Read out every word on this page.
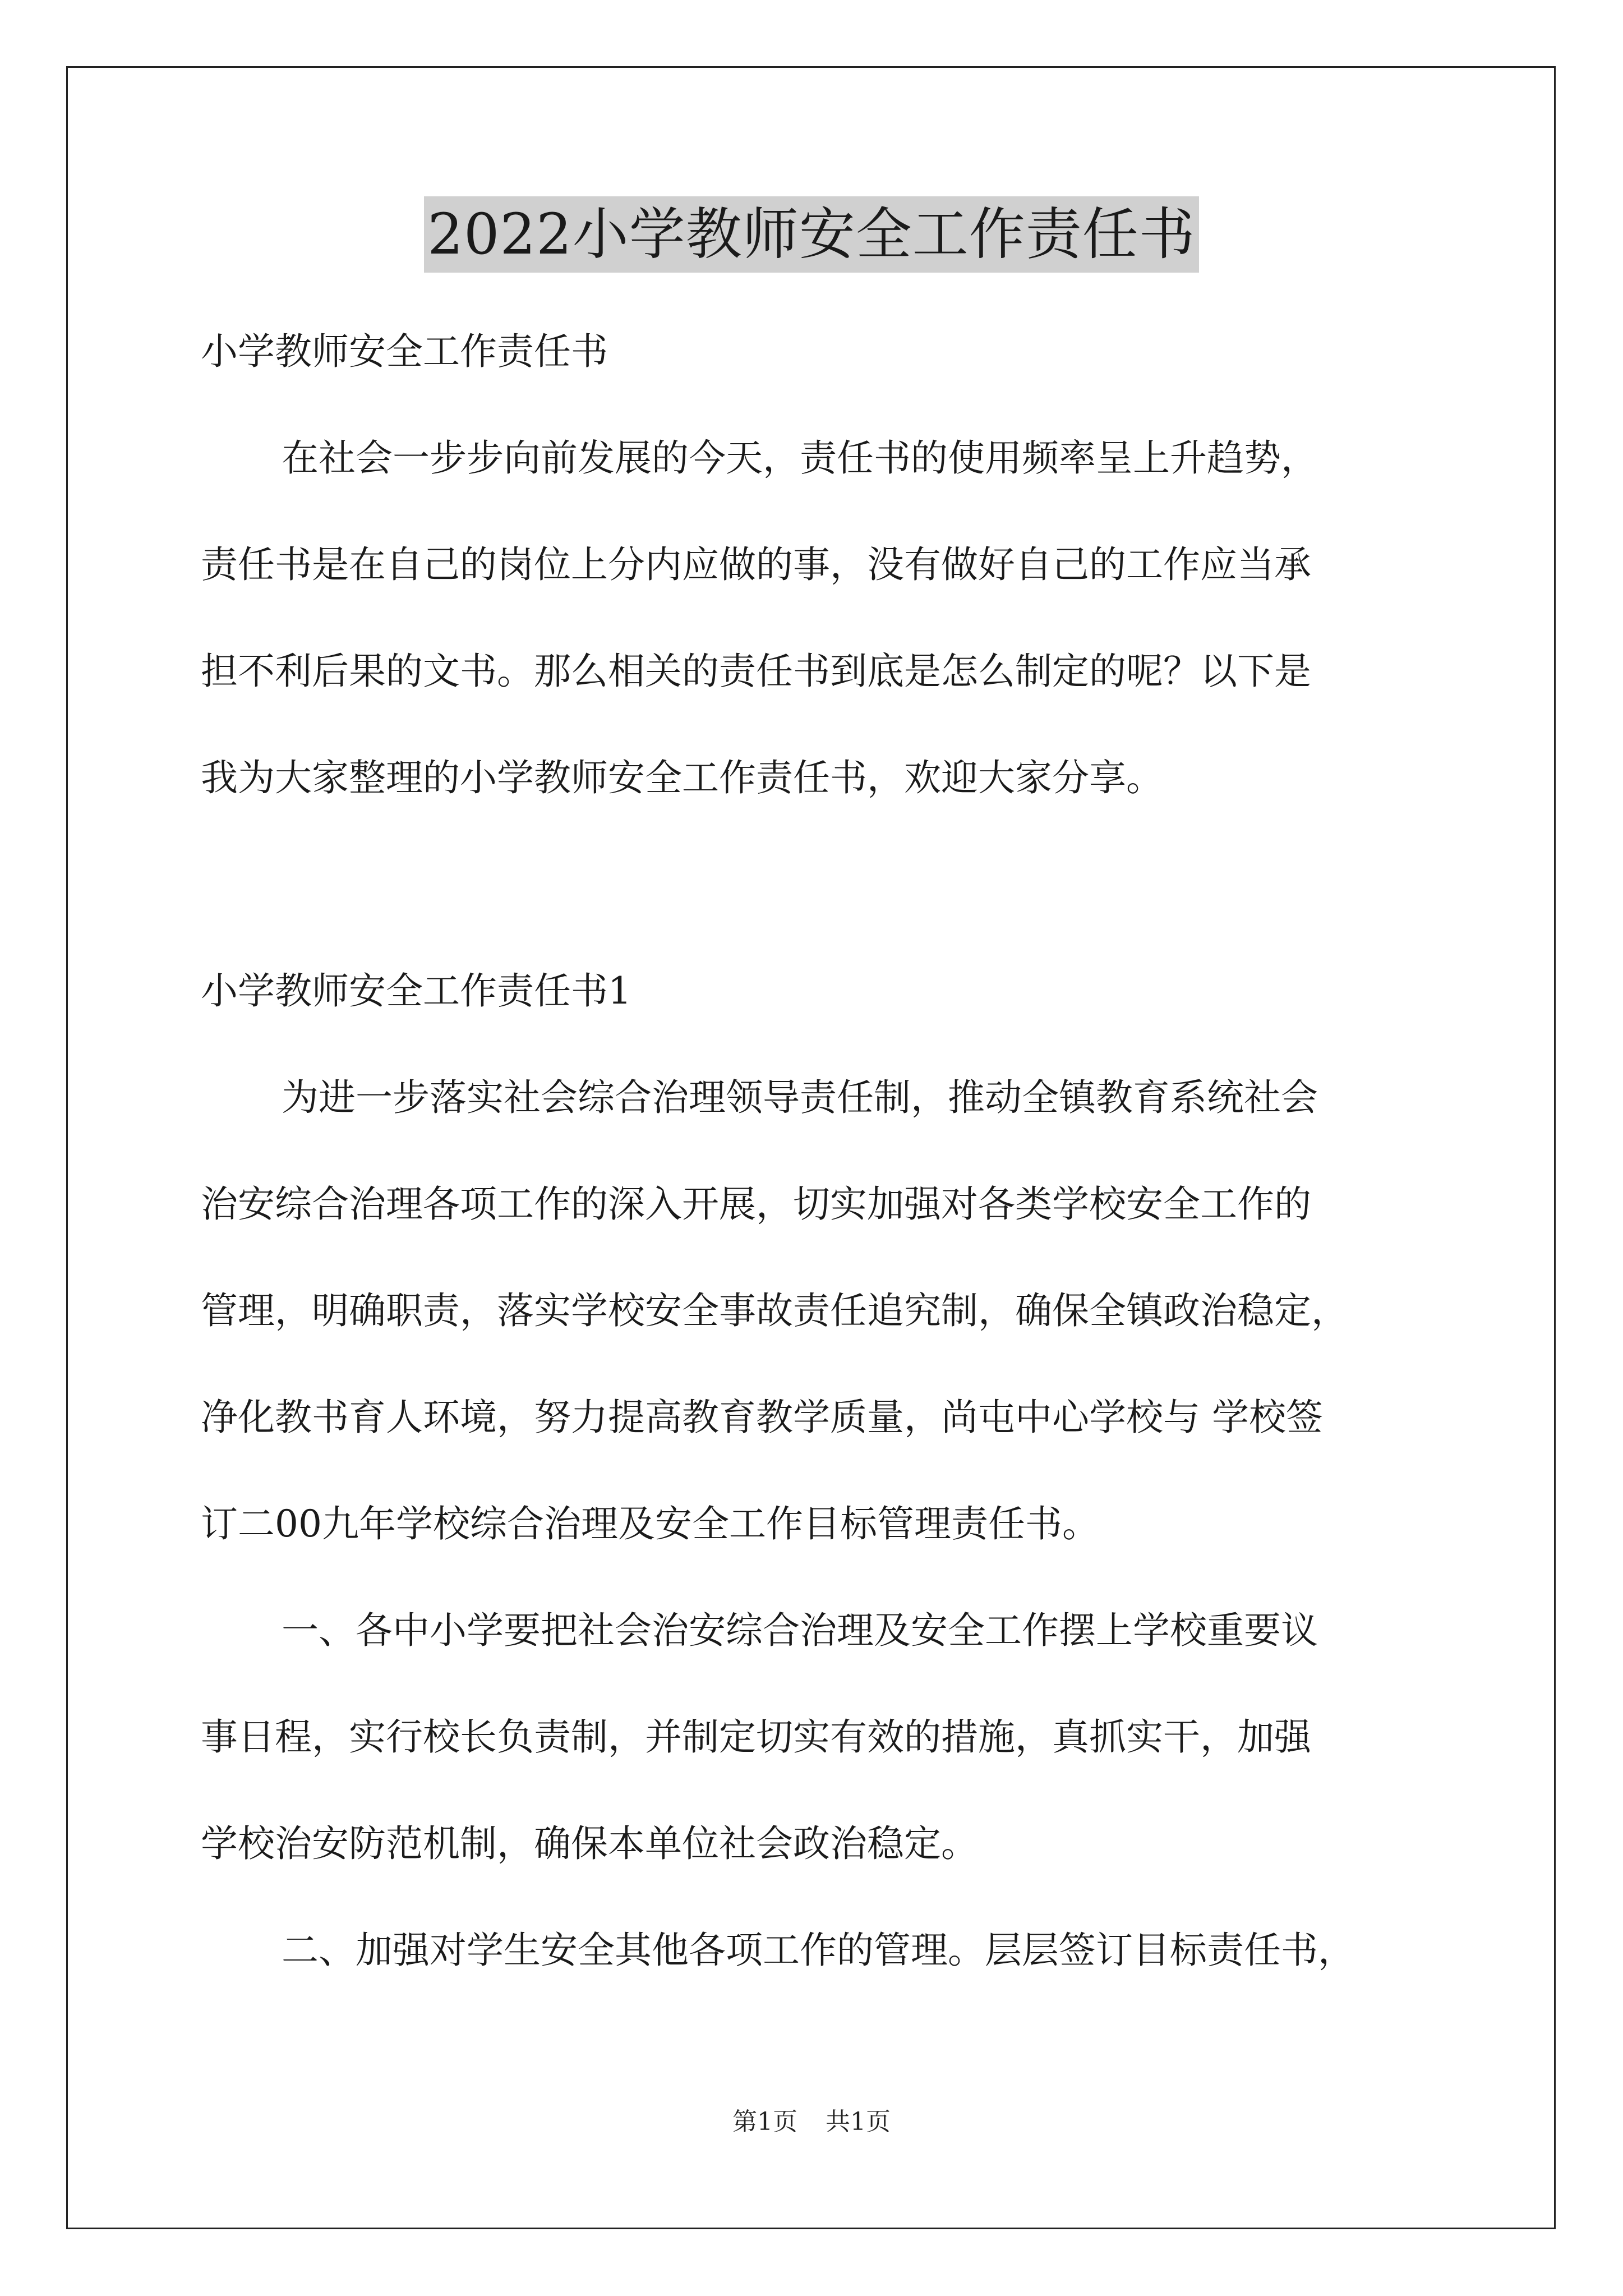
2022小学教师安全工作责任书
小学教师安全工作责任书
在社会一步步向前发展的今天，责任书的使用频率呈上升趋势，
责任书是在自己的岗位上分内应做的事，没有做好自己的工作应当承
担不利后果的文书。那么相关的责任书到底是怎么制定的呢？以下是
我为大家整理的小学教师安全工作责任书，欢迎大家分享。
小学教师安全工作责任书1
为进一步落实社会综合治理领导责任制，推动全镇教育系统社会
治安综合治理各项工作的深入开展，切实加强对各类学校安全工作的
管理，明确职责，落实学校安全事故责任追究制，确保全镇政治稳定，
净化教书育人环境，努力提高教育教学质量，尚屯中心学校与 学校签
订二00九年学校综合治理及安全工作目标管理责任书。
一、各中小学要把社会治安综合治理及安全工作摆上学校重要议
事日程，实行校长负责制，并制定切实有效的措施，真抓实干，加强
学校治安防范机制，确保本单位社会政治稳定。
二、加强对学生安全其他各项工作的管理。层层签订目标责任书，
第1页 共1页
